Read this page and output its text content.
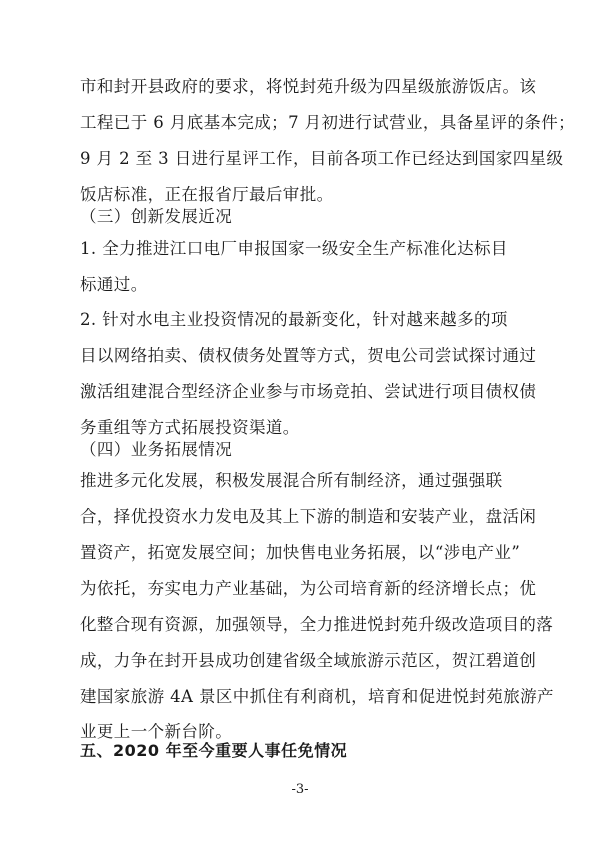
市和封开县政府的要求，将悦封苑升级为四星级旅游饭店。该
工程已于 6 月底基本完成；7 月初进行试营业，具备星评的条件；
9 月 2 至 3 日进行星评工作，目前各项工作已经达到国家四星级
饭店标准，正在报省厅最后审批。
（三）创新发展近况
1. 全力推进江口电厂申报国家一级安全生产标准化达标目
标通过。
2. 针对水电主业投资情况的最新变化，针对越来越多的项
目以网络拍卖、债权债务处置等方式，贺电公司尝试探讨通过
激活组建混合型经济企业参与市场竞拍、尝试进行项目债权债
务重组等方式拓展投资渠道。
（四）业务拓展情况
推进多元化发展，积极发展混合所有制经济，通过强强联
合，择优投资水力发电及其上下游的制造和安装产业，盘活闲
置资产，拓宽发展空间；加快售电业务拓展，以“涉电产业”
为依托，夯实电力产业基础，为公司培育新的经济增长点；优
化整合现有资源，加强领导，全力推进悦封苑升级改造项目的落
成，力争在封开县成功创建省级全域旅游示范区，贺江碧道创
建国家旅游 4A 景区中抓住有利商机，培育和促进悦封苑旅游产
业更上一个新台阶。
五、2020 年至今重要人事任免情况
-3-
